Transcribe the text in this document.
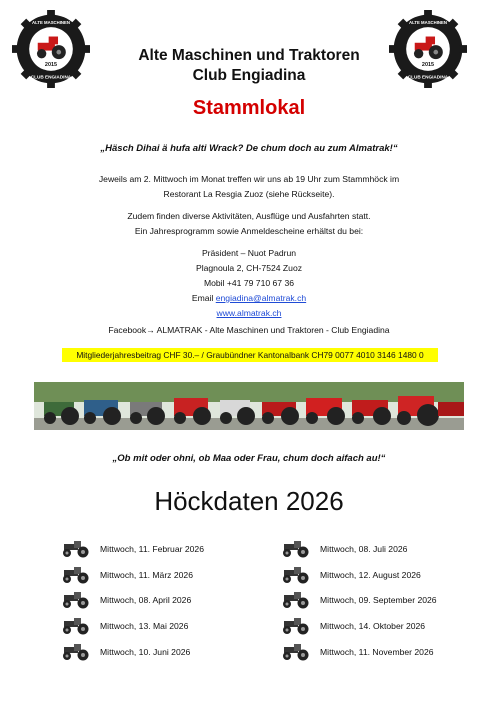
2015
ALTE MASCHINEN
CLUB ENGIADINA
2015
ALTE MASCHINEN
CLUB ENGIADINA
Alte Maschinen und Traktoren
Club Engiadina
Stammlokal
„Häsch Dihai ä hufa alti Wrack? De chum doch au zum Almatrak!“
Jeweils am 2. Mittwoch im Monat treffen wir uns ab 19 Uhr zum Stammhöck im
Restorant La Resgia Zuoz (siehe Rückseite).
Zudem finden diverse Aktivitäten, Ausflüge und Ausfahrten statt.
Ein Jahresprogramm sowie Anmeldescheine erhältst du bei:
Präsident – Nuot Padrun
Plagnoula 2, CH-7524 Zuoz
Mobil +41 79 710 67 36
Email engiadina@almatrak.ch
www.almatrak.ch
Facebook→ ALMATRAK - Alte Maschinen und Traktoren - Club Engiadina
Mitgliederjahresbeitrag CHF 30.– / Graubündner Kantonalbank CH79 0077 4010 3146 1480 0
„Ob mit oder ohni, ob Maa oder Frau, chum doch aifach au!“
Höckdaten 2026
Mittwoch, 11. Februar 2026
Mittwoch, 11. März 2026
Mittwoch, 08. April 2026
Mittwoch, 13. Mai 2026
Mittwoch, 10. Juni 2026
Mittwoch, 08. Juli 2026
Mittwoch, 12. August 2026
Mittwoch, 09. September 2026
Mittwoch, 14. Oktober 2026
Mittwoch, 11. November 2026
